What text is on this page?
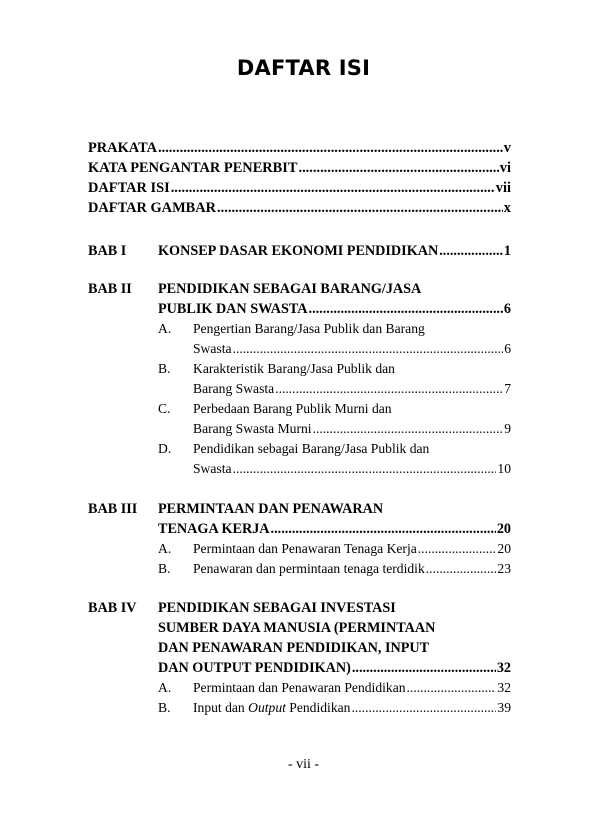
DAFTAR ISI
PRAKATA .....	v
KATA PENGANTAR PENERBIT .....	vi
DAFTAR ISI .....	vii
DAFTAR GAMBAR .....	x
BAB I	KONSEP DASAR EKONOMI PENDIDIKAN .....	1
BAB II	PENDIDIKAN SEBAGAI BARANG/JASA
PUBLIK DAN SWASTA .....	6
A.	Pengertian Barang/Jasa Publik dan Barang
Swasta .....	6
B.	Karakteristik Barang/Jasa Publik dan
Barang Swasta .....	7
C.	Perbedaan Barang Publik Murni dan
Barang Swasta Murni .....	9
D.	Pendidikan sebagai Barang/Jasa Publik dan
Swasta .....	10
BAB III	PERMINTAAN DAN PENAWARAN
TENAGA KERJA .....	20
A.	Permintaan dan Penawaran Tenaga Kerja .....	20
B.	Penawaran dan permintaan tenaga terdidik .....	23
BAB IV	PENDIDIKAN SEBAGAI INVESTASI
SUMBER DAYA MANUSIA (PERMINTAAN
DAN PENAWARAN PENDIDIKAN, INPUT
DAN OUTPUT PENDIDIKAN) .....	32
A.	Permintaan dan Penawaran Pendidikan .....	32
B.	Input dan Output Pendidikan .....	39
- vii -
